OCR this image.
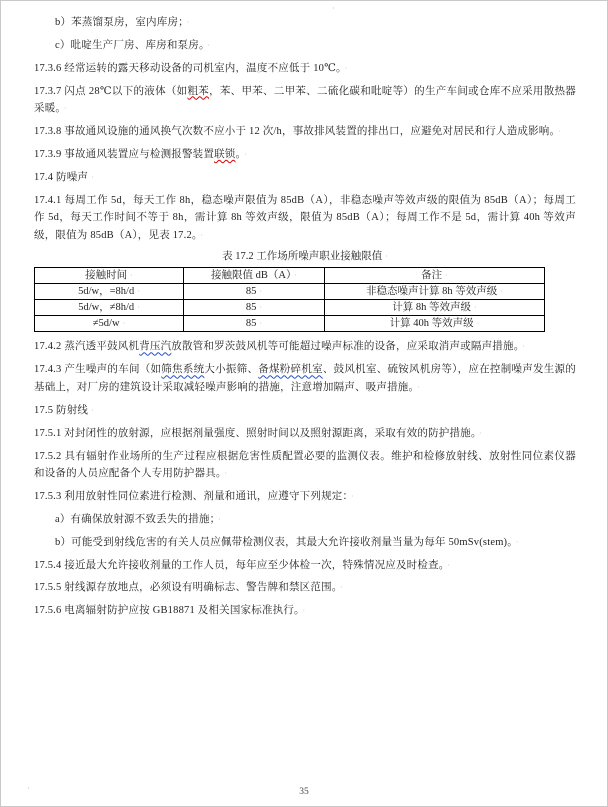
·

b）苯蒸馏泵房，室内库房； ·

c）吡啶生产厂房、库房和泵房。 ·

17.3.6 经常运转的露天移动设备的司机室内，温度不应低于 10℃。 ·

17.3.7 闪点 28℃以下的液体（如粗苯，苯、甲苯、二甲苯、二硫化碳和吡啶等）的生产车间或仓库不应采用散热器采暖。 ·

17.3.8 事故通风设施的通风换气次数不应小于 12 次/h，事故排风装置的排出口，应避免对居民和行人造成影响。 ·

17.3.9 事故通风装置应与检测报警装置联锁。 ·

17.4 防噪声 ·

17.4.1 每周工作 5d，每天工作 8h，稳态噪声限值为 85dB（A），非稳态噪声等效声级的限值为 85dB（A）；每周工作 5d，每天工作时间不等于 8h，需计算 8h 等效声级，限值为 85dB（A）；每周工作不是 5d，需计算 40h 等效声级，限值为 85dB（A），见表 17.2。 ·

表 17.2 工作场所噪声职业接触限值 ·

接触时间 ·	接触限值 dB（A） ·	备注 ·
5d/w，=8h/d ·	85 ·	非稳态噪声计算 8h 等效声级 ·
5d/w，≠8h/d ·	85 ·	计算 8h 等效声级 ·
≠5d/w ·	85 ·	计算 40h 等效声级 ·

17.4.2 蒸汽透平鼓风机背压汽放散管和罗茨鼓风机等可能超过噪声标准的设备，应采取消声或隔声措施。 ·

17.4.3 产生噪声的车间（如筛焦系统大小振筛、备煤粉碎机室、鼓风机室、硫铵风机房等），应在控制噪声发生源的基础上，对厂房的建筑设计采取减轻噪声影响的措施，注意增加隔声、吸声措施。 ·

17.5 防射线 ·

17.5.1 对封闭性的放射源，应根据剂量强度、照射时间以及照射源距离，采取有效的防护措施。 ·

17.5.2 具有辐射作业场所的生产过程应根据危害性质配置必要的监测仪表。维护和检修放射线、放射性同位素仪器和设备的人员应配备个人专用防护器具。 ·

17.5.3 利用放射性同位素进行检测、剂量和通讯，应遵守下列规定： ·

a）有确保放射源不致丢失的措施； ·

b）可能受到射线危害的有关人员应佩带检测仪表，其最大允许接收剂量当量为每年 50mSv(stem)。 ·

17.5.4 接近最大允许接收剂量的工作人员，每年应至少体检一次，特殊情况应及时检查。 ·

17.5.5 射线源存放地点，必须设有明确标志、警告牌和禁区范围。 ·

17.5.6 电离辐射防护应按 GB18871 及相关国家标准执行。 ·

·
35
